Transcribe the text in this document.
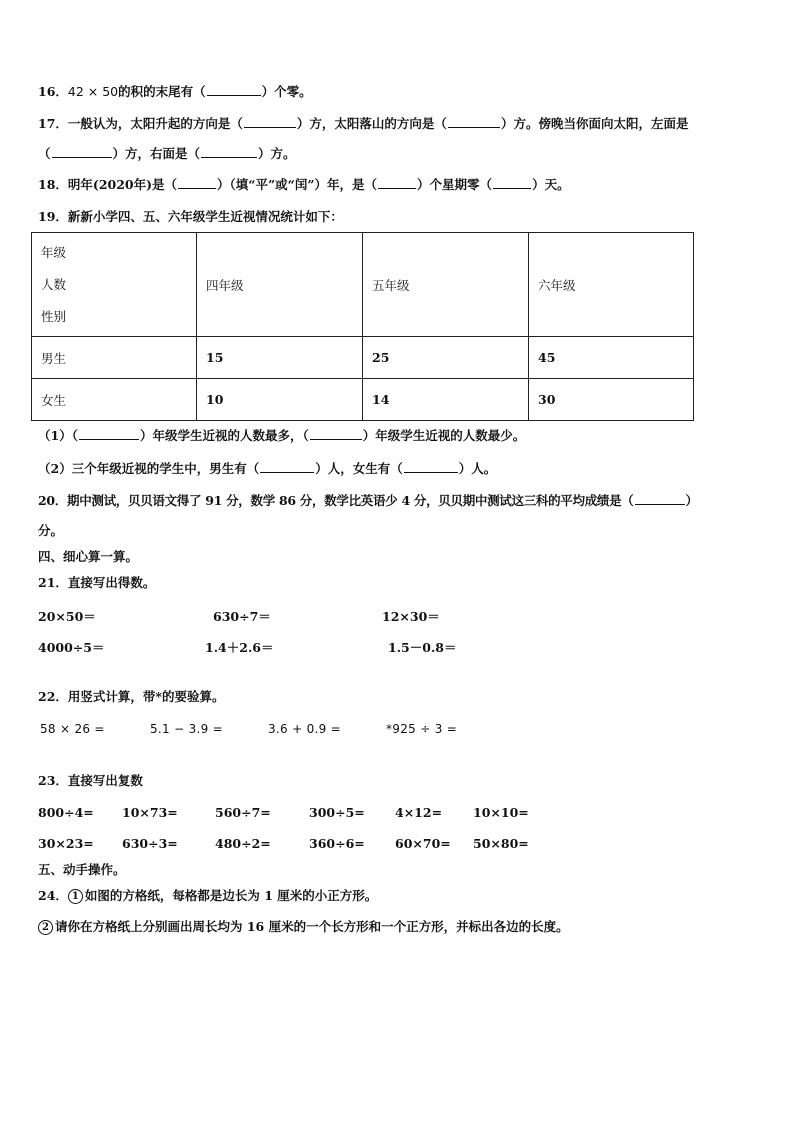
16．42 × 50的积的末尾有（	）个零。
17．一般认为，太阳升起的方向是（	）方，太阳落山的方向是（	）方。傍晚当你面向太阳，左面是
（	）方，右面是（	）方。
18．明年(2020年)是（	）（填“平”或“闰”）年，是（	）个星期零（	）天。
19．新新小学四、五、六年级学生近视情况统计如下：
年级
人数
性别	四年级	五年级	六年级
男生	15	25	45
女生	10	14	30
（1）（	）年级学生近视的人数最多，（	）年级学生近视的人数最少。
（2）三个年级近视的学生中，男生有（	）人，女生有（	）人。
20．期中测试，贝贝语文得了 91 分，数学 86 分，数学比英语少 4 分，贝贝期中测试这三科的平均成绩是（	）
分。
四、细心算一算。
21．直接写出得数。
20×50＝	630÷7＝	12×30＝
4000÷5＝	1.4＋2.6＝	1.5－0.8＝
22．用竖式计算，带*的要验算。
58 × 26 =	5.1 − 3.9 =	3.6 + 0.9 =	*925 ÷ 3 =
23．直接写出复数
800÷4= 10×73=	560÷7=	300÷5= 4×12= 10×10=
30×23= 630÷3=	480÷2=	360÷6= 60×70= 50×80=
五、动手操作。
24． 1 如图的方格纸，每格都是边长为 1 厘米的小正方形。
2 请你在方格纸上分别画出周长均为 16 厘米的一个长方形和一个正方形，并标出各边的长度。
